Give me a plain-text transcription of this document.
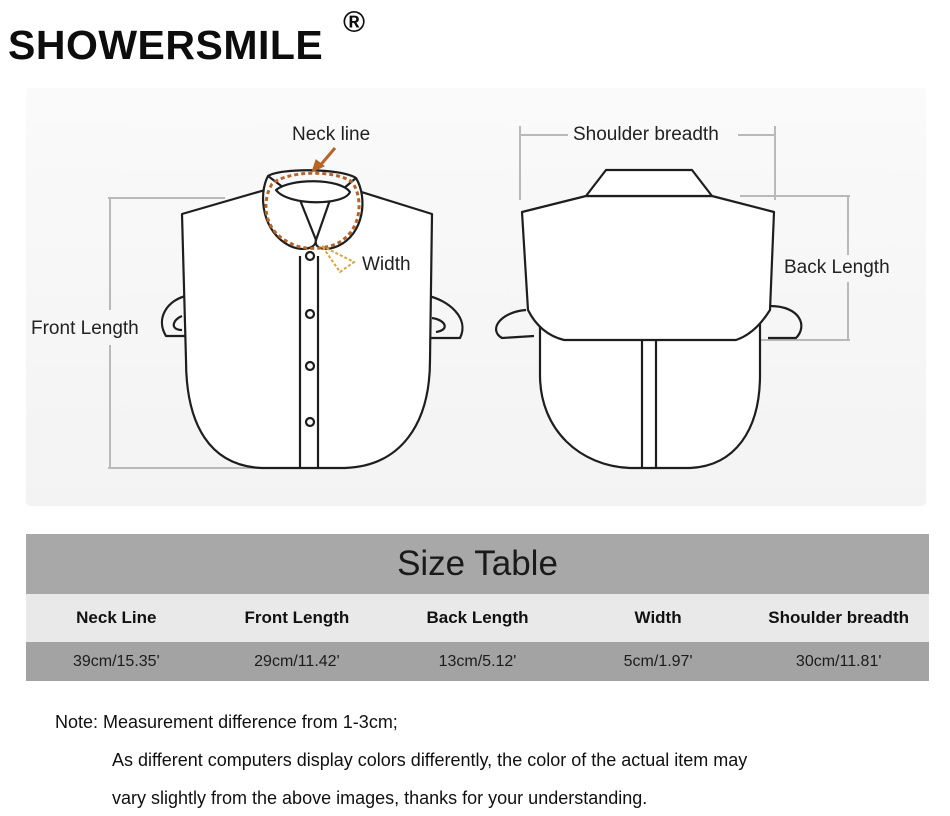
SHOWERSMILE ®
Neck line
Width
Front Length
Shoulder breadth
Back Length
Size Table
Neck Line	Front Length	Back Length	Width	Shoulder breadth
39cm/15.35'	29cm/11.42'	13cm/5.12'	5cm/1.97'	30cm/11.81'
Note: Measurement difference from 1-3cm;
As different computers display colors differently, the color of the actual item may
vary slightly from the above images, thanks for your understanding.
